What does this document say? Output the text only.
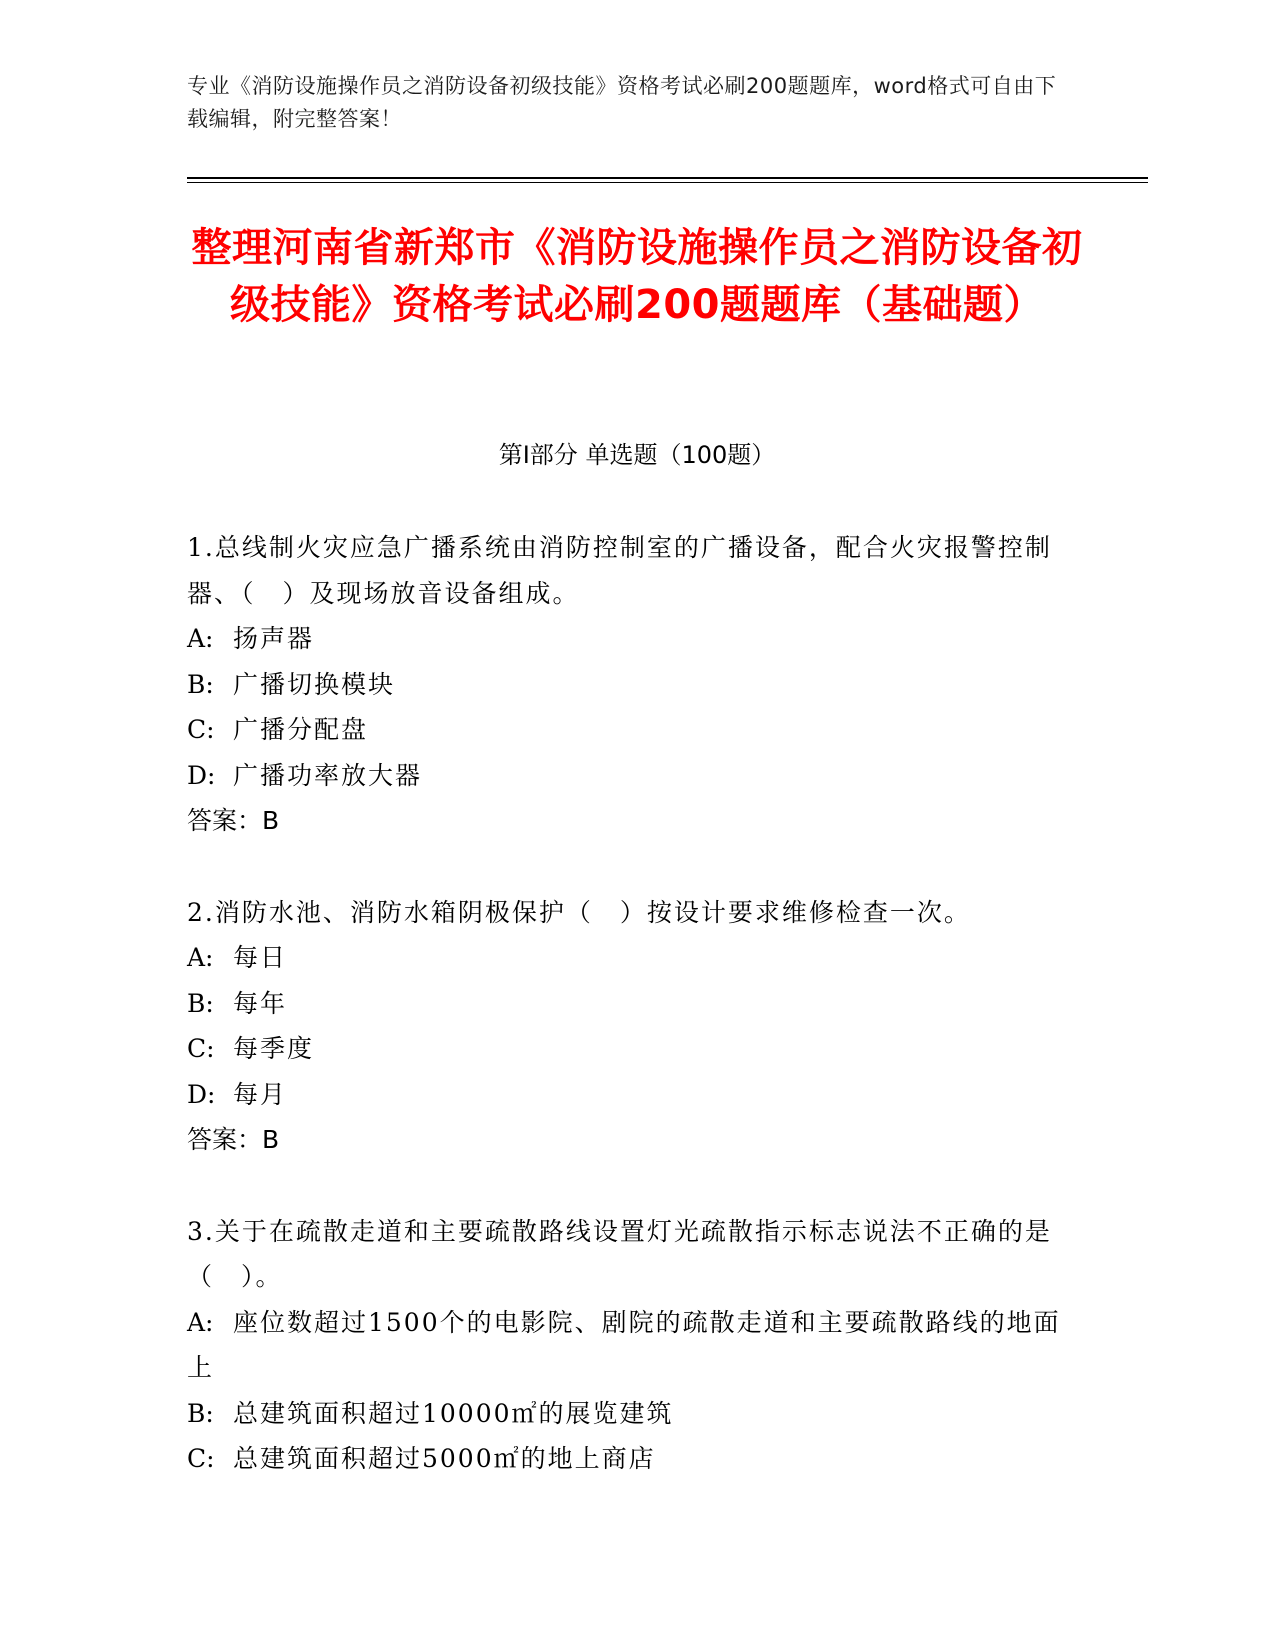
专业《消防设施操作员之消防设备初级技能》资格考试必刷200题题库，word格式可自由下载编辑，附完整答案！
整理河南省新郑市《消防设施操作员之消防设备初级技能》资格考试必刷200题题库（基础题）
第Ⅰ部分 单选题（100题）

1.总线制火灾应急广播系统由消防控制室的广播设备，配合火灾报警控制器、（　）及现场放音设备组成。

A: 扬声器

B: 广播切换模块

C: 广播分配盘

D: 广播功率放大器

答案：B

2.消防水池、消防水箱阴极保护（　）按设计要求维修检查一次。

A: 每日

B: 每年

C: 每季度

D: 每月

答案：B

3.关于在疏散走道和主要疏散路线设置灯光疏散指示标志说法不正确的是（　）。

A: 座位数超过1500个的电影院、剧院的疏散走道和主要疏散路线的地面上

B: 总建筑面积超过10000㎡的展览建筑

C: 总建筑面积超过5000㎡的地上商店
